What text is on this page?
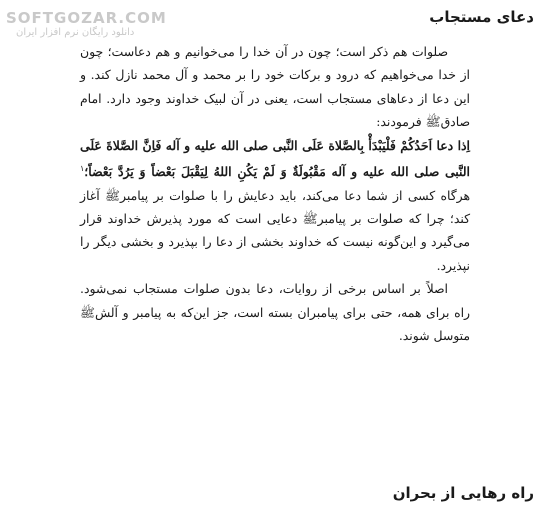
دعای مستجاب
SOFTGOZAR.COM
دانلود رایگان نرم افزار ایران

صلوات هم ذکر است؛ چون در آن خدا را می‌خوانیم و هم دعاست؛ چون از خدا می‌خواهیم که درود و برکات خود را بر محمد و آل محمد نازل کند. و این دعا از دعاهای مستجاب است، یعنی در آن لبیک خداوند وجود دارد. امام صادقﷺ فرمودند:

اِذا دعا اَحَدُکُمْ فَلْیَبْدَأْ بِالصَّلاة عَلَی النَّبی صلی الله علیه و آله فَاِنَّ الصَّلاةَ عَلَی النَّبی صلی الله علیه و آله مَقْبُولَةٌ وَ لَمْ یَکُنِ اللهُ لِیَقْبَلَ بَعْضاً وَ یَرُدَّ بَعْضاً؛$^۱$ هرگاه کسی از شما دعا می‌کند، باید دعایش را با صلوات بر پیامبرﷺ آغاز کند؛ چرا که صلوات بر پیامبرﷺ دعایی است که مورد پذیرش خداوند قرار می‌گیرد و این‌گونه نیست که خداوند بخشی از دعا را بپذیرد و بخشی دیگر را نپذیرد.

اصلاً بر اساس برخی از روایات، دعا بدون صلوات مستجاب نمی‌شود. راه برای همه، حتی برای پیامبران بسته است، جز این‌که به پیامبر و آلشﷺ متوسل شوند.

راه رهایی از بحران
